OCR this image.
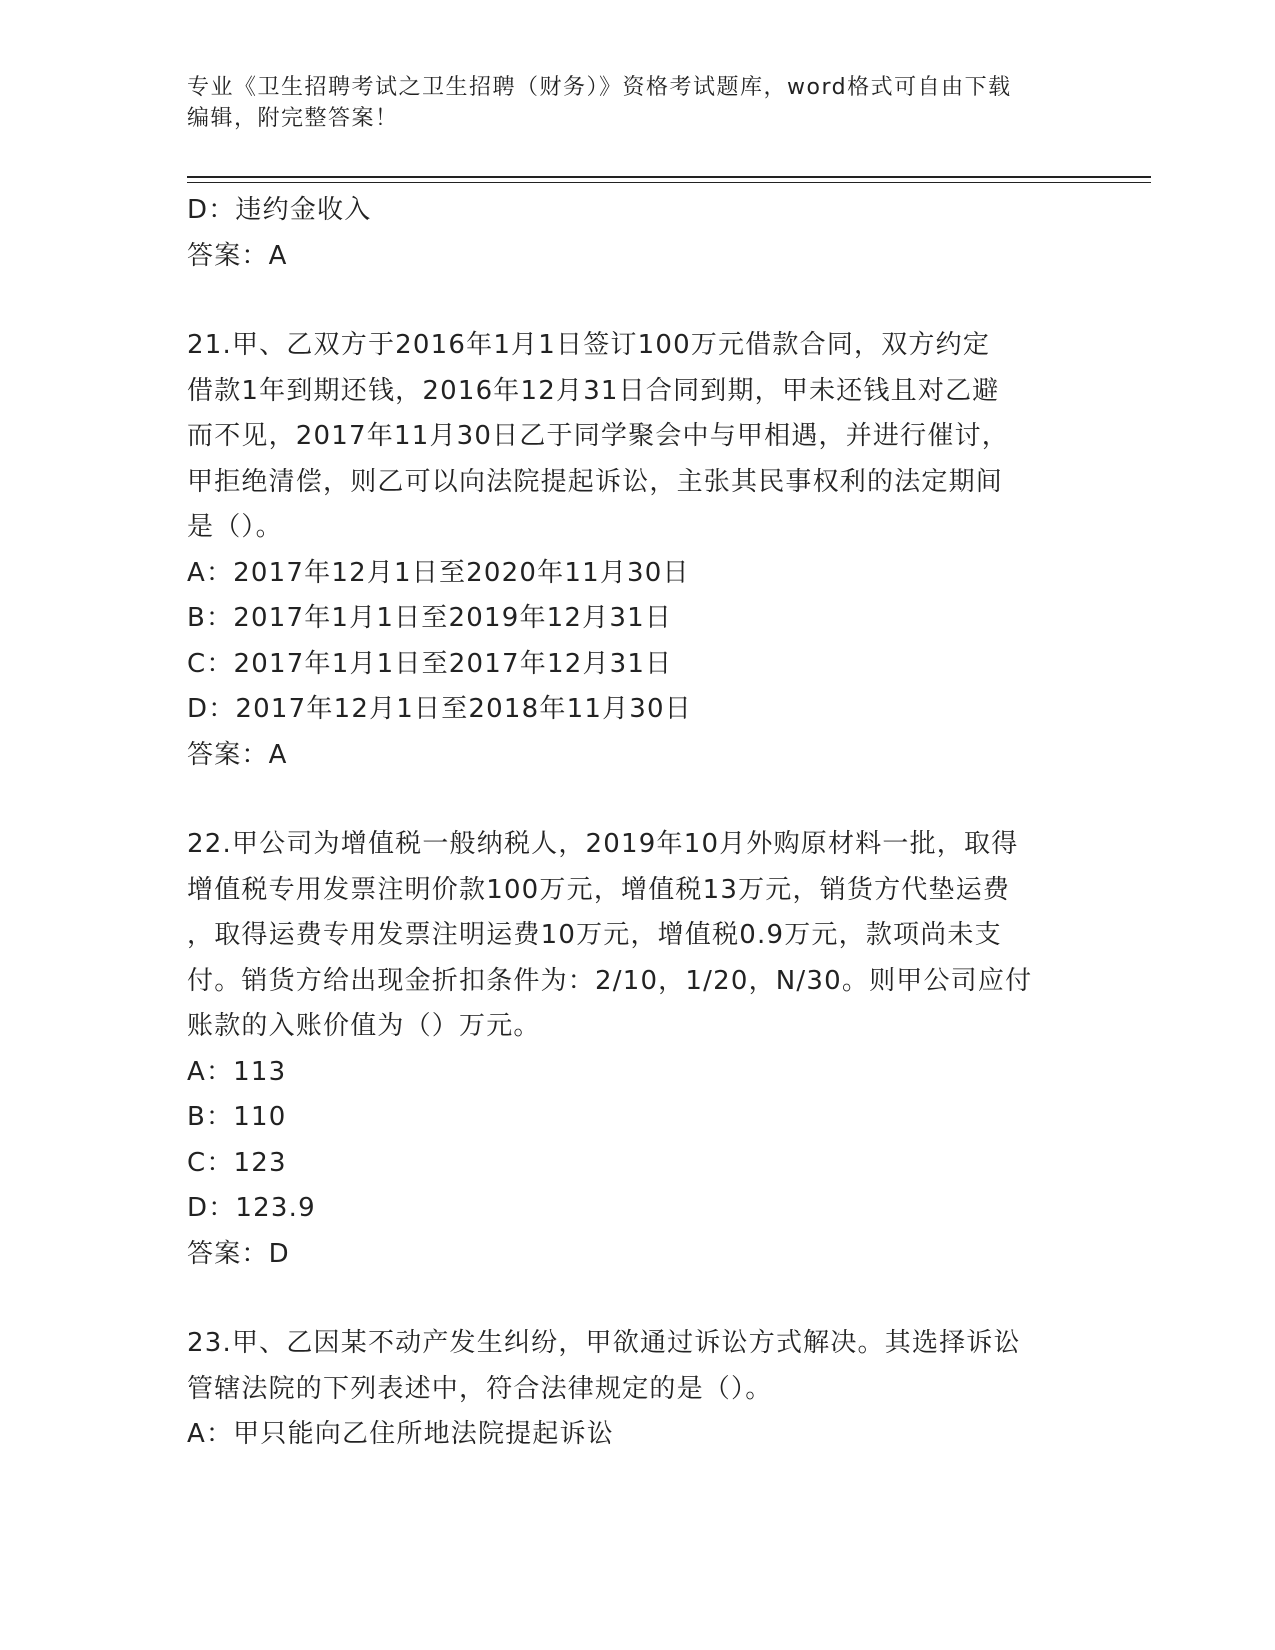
专业《卫生招聘考试之卫生招聘（财务）》资格考试题库，word格式可自由下载
编辑，附完整答案！
D：违约金收入
答案：A
21.甲、乙双方于2016年1月1日签订100万元借款合同，双方约定
借款1年到期还钱，2016年12月31日合同到期，甲未还钱且对乙避
而不见，2017年11月30日乙于同学聚会中与甲相遇，并进行催讨，
甲拒绝清偿，则乙可以向法院提起诉讼，主张其民事权利的法定期间
是（）。
A：2017年12月1日至2020年11月30日
B：2017年1月1日至2019年12月31日
C：2017年1月1日至2017年12月31日
D：2017年12月1日至2018年11月30日
答案：A
22.甲公司为增值税一般纳税人，2019年10月外购原材料一批，取得
增值税专用发票注明价款100万元，增值税13万元，销货方代垫运费
，取得运费专用发票注明运费10万元，增值税0.9万元，款项尚未支
付。销货方给出现金折扣条件为：2/10，1/20，N/30。则甲公司应付
账款的入账价值为（）万元。
A：113
B：110
C：123
D：123.9
答案：D
23.甲、乙因某不动产发生纠纷，甲欲通过诉讼方式解决。其选择诉讼
管辖法院的下列表述中，符合法律规定的是（）。
A：甲只能向乙住所地法院提起诉讼
